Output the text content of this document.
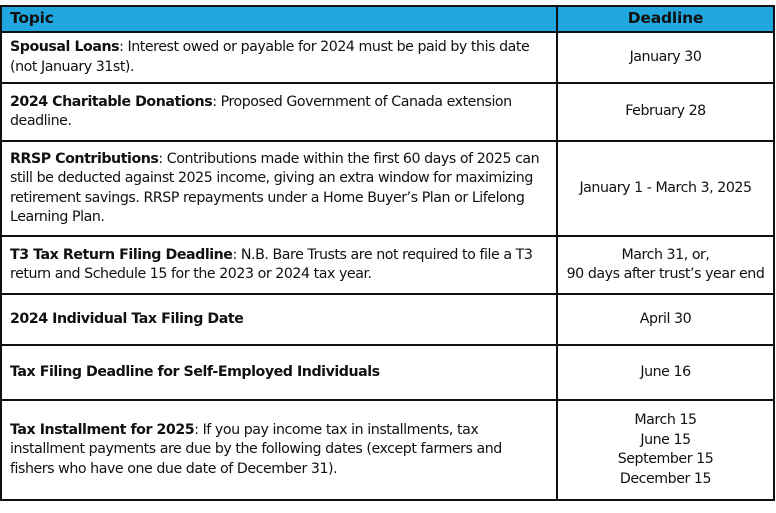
Topic	Deadline
Spousal Loans: Interest owed or payable for 2024 must be paid by this date (not January 31st).	January 30

2024 Charitable Donations: Proposed Government of Canada extension deadline.	February 28

RRSP Contributions: Contributions made within the first 60 days of 2025 can still be deducted against 2025 income, giving an extra window for maximizing retirement savings. RRSP repayments under a Home Buyer’s Plan or Lifelong Learning Plan.	January 1 - March 3, 2025

T3 Tax Return Filing Deadline: N.B. Bare Trusts are not required to file a T3 return and Schedule 15 for the 2023 or 2024 tax year.	March 31, or,
90 days after trust’s year end

2024 Individual Tax Filing Date	April 30

Tax Filing Deadline for Self-Employed Individuals	June 16

Tax Installment for 2025: If you pay income tax in installments, tax installment payments are due by the following dates (except farmers and fishers who have one due date of December 31).	March 15
June 15
September 15
December 15
